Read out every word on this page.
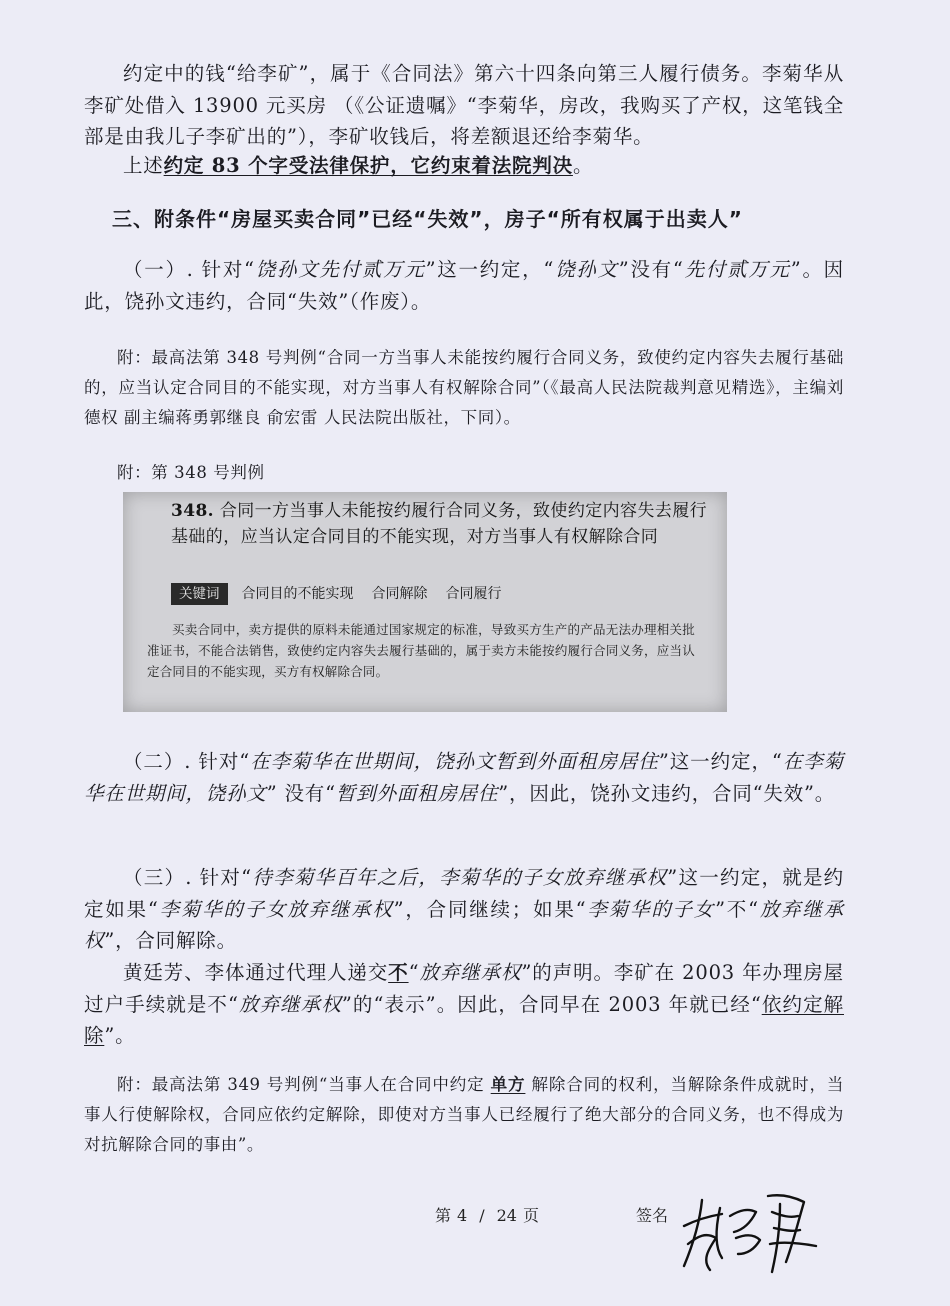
约定中的钱“给李矿”，属于《合同法》第六十四条向第三人履行债务。李菊华从李矿处借入 13900 元买房 （《公证遗嘱》“李菊华，房改，我购买了产权，这笔钱全部是由我儿子李矿出的”），李矿收钱后，将差额退还给李菊华。

上述约定 83 个字受法律保护，它约束着法院判决。

三、附条件“房屋买卖合同”已经“失效”，房子“所有权属于出卖人”

（一）. 针对“饶孙文先付贰万元”这一约定，“饶孙文”没有“先付贰万元”。因此，饶孙文违约，合同“失效”（作废）。

附：最高法第 348 号判例“合同一方当事人未能按约履行合同义务，致使约定内容失去履行基础的，应当认定合同目的不能实现，对方当事人有权解除合同”（《最高人民法院裁判意见精选》，主编刘德权 副主编蒋勇郭继良 俞宏雷 人民法院出版社，下同）。

附：第 348 号判例

348. 合同一方当事人未能按约履行合同义务，致使约定内容失去履行基础的，应当认定合同目的不能实现，对方当事人有权解除合同
关键词 合同目的不能实现 合同解除 合同履行
买卖合同中，卖方提供的原料未能通过国家规定的标准，导致买方生产的产品无法办理相关批准证书，不能合法销售，致使约定内容失去履行基础的，属于卖方未能按约履行合同义务，应当认定合同目的不能实现，买方有权解除合同。

（二）. 针对“在李菊华在世期间，饶孙文暂到外面租房居住”这一约定，“在李菊华在世期间，饶孙文” 没有“暂到外面租房居住”，因此，饶孙文违约，合同“失效”。

（三）. 针对“待李菊华百年之后，李菊华的子女放弃继承权”这一约定，就是约定如果“李菊华的子女放弃继承权”，合同继续；如果“李菊华的子女”不“放弃继承权”，合同解除。

黄廷芳、李体通过代理人递交不“放弃继承权”的声明。李矿在 2003 年办理房屋过户手续就是不“放弃继承权”的“表示”。因此，合同早在 2003 年就已经“依约定解除”。

附：最高法第 349 号判例“当事人在合同中约定 单方 解除合同的权利，当解除条件成就时，当事人行使解除权，合同应依约定解除，即使对方当事人已经履行了绝大部分的合同义务，也不得成为对抗解除合同的事由”。

第 4 / 24 页	签名
